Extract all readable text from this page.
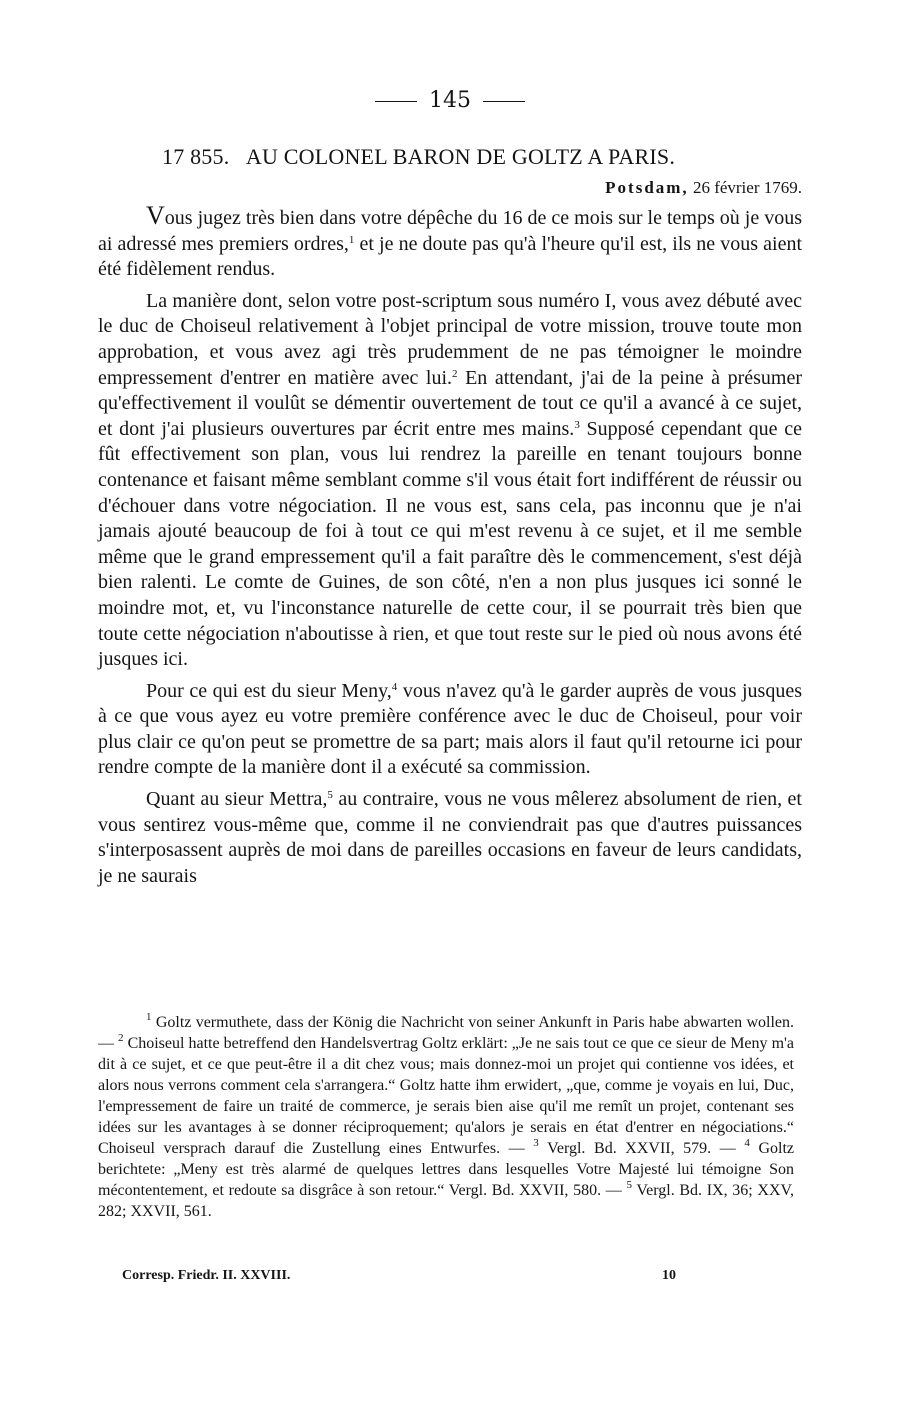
145
17 855. AU COLONEL BARON DE GOLTZ A PARIS.
Potsdam, 26 février 1769.

Vous jugez très bien dans votre dépêche du 16 de ce mois sur le temps où je vous ai adressé mes premiers ordres,$^1$ et je ne doute pas qu'à l'heure qu'il est, ils ne vous aient été fidèlement rendus.

La manière dont, selon votre post-scriptum sous numéro I, vous avez débuté avec le duc de Choiseul relativement à l'objet principal de votre mission, trouve toute mon approbation, et vous avez agi très prudemment de ne pas témoigner le moindre empressement d'entrer en matière avec lui.$^2$ En attendant, j'ai de la peine à présumer qu'effectivement il voulût se démentir ouvertement de tout ce qu'il a avancé à ce sujet, et dont j'ai plusieurs ouvertures par écrit entre mes mains.$^3$ Supposé cependant que ce fût effectivement son plan, vous lui rendrez la pareille en tenant toujours bonne contenance et faisant même semblant comme s'il vous était fort indifférent de réussir ou d'échouer dans votre négociation. Il ne vous est, sans cela, pas inconnu que je n'ai jamais ajouté beaucoup de foi à tout ce qui m'est revenu à ce sujet, et il me semble même que le grand empressement qu'il a fait paraître dès le commencement, s'est déjà bien ralenti. Le comte de Guines, de son côté, n'en a non plus jusques ici sonné le moindre mot, et, vu l'inconstance naturelle de cette cour, il se pourrait très bien que toute cette négociation n'aboutisse à rien, et que tout reste sur le pied où nous avons été jusques ici.

Pour ce qui est du sieur Meny,$^4$ vous n'avez qu'à le garder auprès de vous jusques à ce que vous ayez eu votre première conférence avec le duc de Choiseul, pour voir plus clair ce qu'on peut se promettre de sa part; mais alors il faut qu'il retourne ici pour rendre compte de la manière dont il a exécuté sa commission.

Quant au sieur Mettra,$^5$ au contraire, vous ne vous mêlerez absolument de rien, et vous sentirez vous-même que, comme il ne conviendrait pas que d'autres puissances s'interposassent auprès de moi dans de pareilles occasions en faveur de leurs candidats, je ne saurais

$^1$ Goltz vermuthete, dass der König die Nachricht von seiner Ankunft in Paris habe abwarten wollen. — $^2$ Choiseul hatte betreffend den Handelsvertrag Goltz erklärt: „Je ne sais tout ce que ce sieur de Meny m'a dit à ce sujet, et ce que peut-être il a dit chez vous; mais donnez-moi un projet qui contienne vos idées, et alors nous verrons comment cela s'arrangera.“ Goltz hatte ihm erwidert, „que, comme je voyais en lui, Duc, l'empressement de faire un traité de commerce, je serais bien aise qu'il me remît un projet, contenant ses idées sur les avantages à se donner réciproquement; qu'alors je serais en état d'entrer en négociations.“ Choiseul versprach darauf die Zustellung eines Entwurfes. — $^3$ Vergl. Bd. XXVII, 579. — $^4$ Goltz berichtete: „Meny est très alarmé de quelques lettres dans lesquelles Votre Majesté lui témoigne Son mécontentement, et redoute sa disgrâce à son retour.“ Vergl. Bd. XXVII, 580. — $^5$ Vergl. Bd. IX, 36; XXV, 282; XXVII, 561.
Corresp. Friedr. II. XXVIII.	10
